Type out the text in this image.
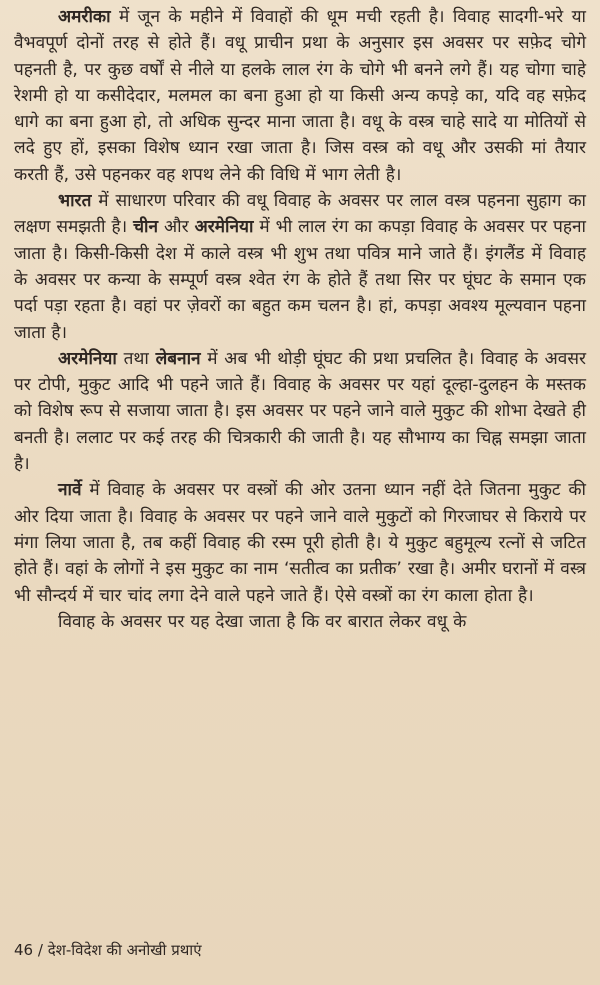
अमरीका में जून के महीने में विवाहों की धूम मची रहती है। विवाह सादगी-भरे या वैभवपूर्ण दोनों तरह से होते हैं। वधू प्राचीन प्रथा के अनुसार इस अवसर पर सफ़ेद चोगे पहनती है, पर कुछ वर्षों से नीले या हलके लाल रंग के चोगे भी बनने लगे हैं। यह चोगा चाहे रेशमी हो या कसीदेदार, मलमल का बना हुआ हो या किसी अन्य कपड़े का, यदि वह सफ़ेद धागे का बना हुआ हो, तो अधिक सुन्दर माना जाता है। वधू के वस्त्र चाहे सादे या मोतियों से लदे हुए हों, इसका विशेष ध्यान रखा जाता है। जिस वस्त्र को वधू और उसकी मां तैयार करती हैं, उसे पहनकर वह शपथ लेने की विधि में भाग लेती है।

भारत में साधारण परिवार की वधू विवाह के अवसर पर लाल वस्त्र पहनना सुहाग का लक्षण समझती है। चीन और अरमेनिया में भी लाल रंग का कपड़ा विवाह के अवसर पर पहना जाता है। किसी-किसी देश में काले वस्त्र भी शुभ तथा पवित्र माने जाते हैं। इंगलैंड में विवाह के अवसर पर कन्या के सम्पूर्ण वस्त्र श्वेत रंग के होते हैं तथा सिर पर घूंघट के समान एक पर्दा पड़ा रहता है। वहां पर ज़ेवरों का बहुत कम चलन है। हां, कपड़ा अवश्य मूल्यवान पहना जाता है।

अरमेनिया तथा लेबनान में अब भी थोड़ी घूंघट की प्रथा प्रचलित है। विवाह के अवसर पर टोपी, मुकुट आदि भी पहने जाते हैं। विवाह के अवसर पर यहां दूल्हा-दुलहन के मस्तक को विशेष रूप से सजाया जाता है। इस अवसर पर पहने जाने वाले मुकुट की शोभा देखते ही बनती है। ललाट पर कई तरह की चित्रकारी की जाती है। यह सौभाग्य का चिह्न समझा जाता है।

नार्वे में विवाह के अवसर पर वस्त्रों की ओर उतना ध्यान नहीं देते जितना मुकुट की ओर दिया जाता है। विवाह के अवसर पर पहने जाने वाले मुकुटों को गिरजाघर से किराये पर मंगा लिया जाता है, तब कहीं विवाह की रस्म पूरी होती है। ये मुकुट बहुमूल्य रत्नों से जटित होते हैं। वहां के लोगों ने इस मुकुट का नाम ‘सतीत्व का प्रतीक’ रखा है। अमीर घरानों में वस्त्र भी सौन्दर्य में चार चांद लगा देने वाले पहने जाते हैं। ऐसे वस्त्रों का रंग काला होता है।

विवाह के अवसर पर यह देखा जाता है कि वर बारात लेकर वधू के

46 / देश-विदेश की अनोखी प्रथाएं
